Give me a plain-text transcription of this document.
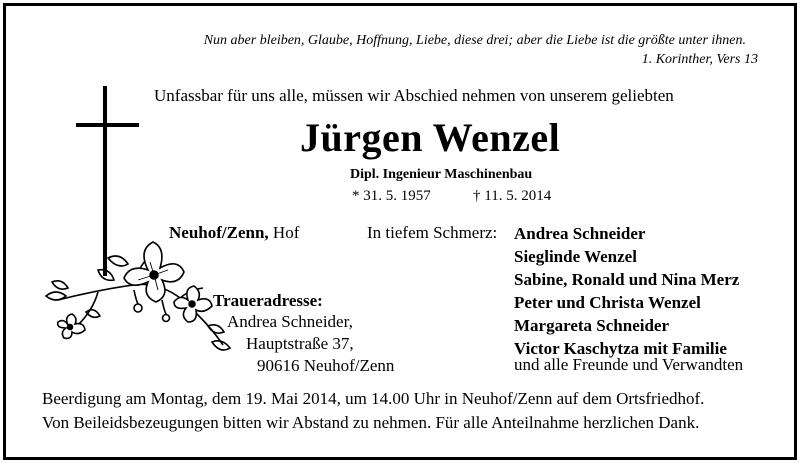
Nun aber bleiben, Glaube, Hoffnung, Liebe, diese drei; aber die Liebe ist die größte unter ihnen.
1. Korinther, Vers 13
Unfassbar für uns alle, müssen wir Abschied nehmen von unserem geliebten
Jürgen Wenzel
Dipl. Ingenieur Maschinenbau
* 31. 5. 1957	† 11. 5. 2014
Neuhof/Zenn, Hof
Traueradresse:
Andrea Schneider,
Hauptstraße 37,
90616 Neuhof/Zenn
In tiefem Schmerz: Andrea Schneider
Sieglinde Wenzel
Sabine, Ronald und Nina Merz
Peter und Christa Wenzel
Margareta Schneider
Victor Kaschytza mit Familie
und alle Freunde und Verwandten
Beerdigung am Montag, dem 19. Mai 2014, um 14.00 Uhr in Neuhof/Zenn auf dem Ortsfriedhof.
Von Beileidsbezeugungen bitten wir Abstand zu nehmen. Für alle Anteilnahme herzlichen Dank.
